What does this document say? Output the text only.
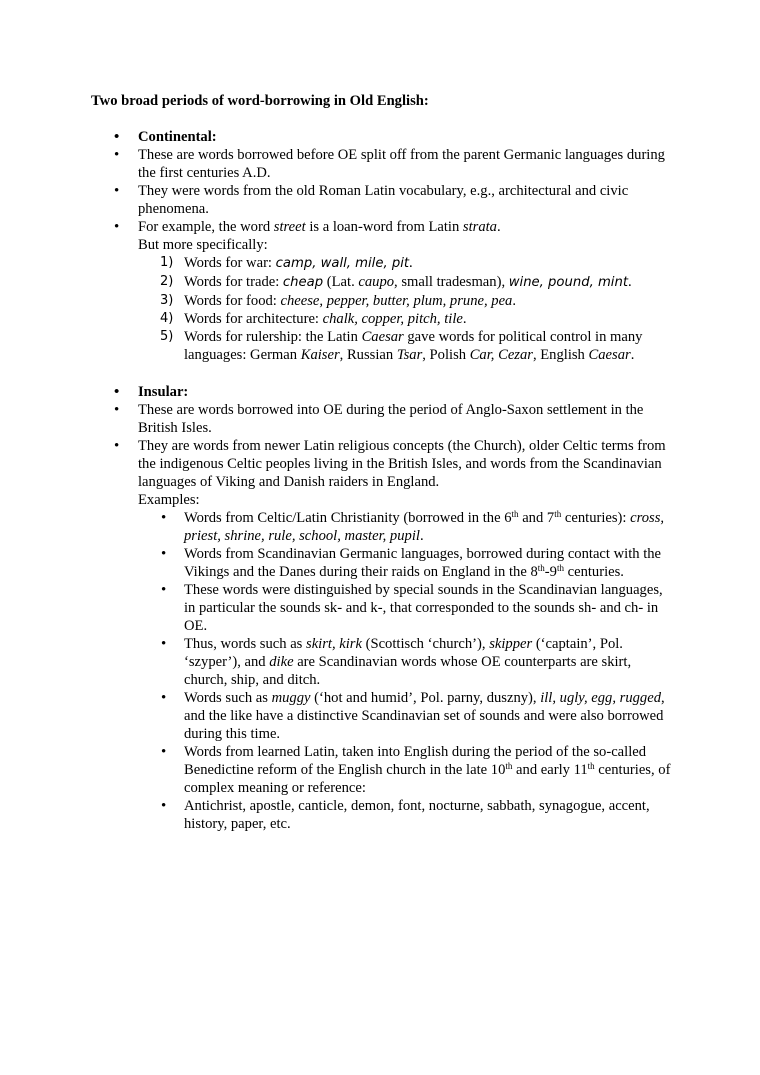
Two broad periods of word-borrowing in Old English:
• Continental:
• These are words borrowed before OE split off from the parent Germanic languages during the first centuries A.D.
• They were words from the old Roman Latin vocabulary, e.g., architectural and civic phenomena.
• For example, the word street is a loan-word from Latin strata.
But more specifically:
1) Words for war: camp, wall, mile, pit.
2) Words for trade: cheap (Lat. caupo, small tradesman), wine, pound, mint.
3) Words for food: cheese, pepper, butter, plum, prune, pea.
4) Words for architecture: chalk, copper, pitch, tile.
5) Words for rulership: the Latin Caesar gave words for political control in many languages: German Kaiser, Russian Tsar, Polish Car, Cezar, English Caesar.
• Insular:
• These are words borrowed into OE during the period of Anglo-Saxon settlement in the British Isles.
• They are words from newer Latin religious concepts (the Church), older Celtic terms from the indigenous Celtic peoples living in the British Isles, and words from the Scandinavian languages of Viking and Danish raiders in England.
Examples:
• Words from Celtic/Latin Christianity (borrowed in the 6th and 7th centuries): cross, priest, shrine, rule, school, master, pupil.
• Words from Scandinavian Germanic languages, borrowed during contact with the Vikings and the Danes during their raids on England in the 8th-9th centuries.
• These words were distinguished by special sounds in the Scandinavian languages, in particular the sounds sk- and k-, that corresponded to the sounds sh- and ch- in OE.
• Thus, words such as skirt, kirk (Scottisch ‘church’), skipper (‘captain’, Pol. ‘szyper’), and dike are Scandinavian words whose OE counterparts are skirt, church, ship, and ditch.
• Words such as muggy (‘hot and humid’, Pol. parny, duszny), ill, ugly, egg, rugged, and the like have a distinctive Scandinavian set of sounds and were also borrowed during this time.
• Words from learned Latin, taken into English during the period of the so-called Benedictine reform of the English church in the late 10th and early 11th centuries, of complex meaning or reference:
• Antichrist, apostle, canticle, demon, font, nocturne, sabbath, synagogue, accent, history, paper, etc.
